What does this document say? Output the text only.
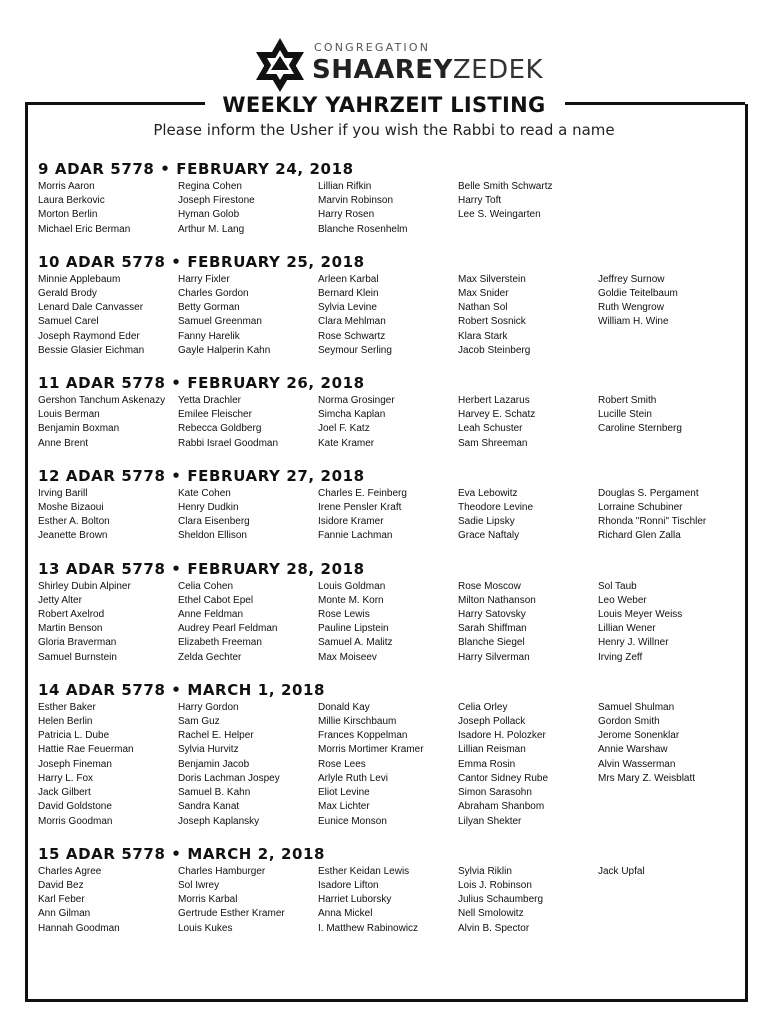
CONGREGATION
SHAAREYZEDEK
WEEKLY YAHRZEIT LISTING
Please inform the Usher if you wish the Rabbi to read a name
9 ADAR 5778 • FEBRUARY 24, 2018
Morris Aaron
Laura Berkovic
Morton Berlin
Michael Eric Berman
Regina Cohen
Joseph Firestone
Hyman Golob
Arthur M. Lang
Lillian Rifkin
Marvin Robinson
Harry Rosen
Blanche Rosenhelm
Belle Smith Schwartz
Harry Toft
Lee S. Weingarten
10 ADAR 5778 • FEBRUARY 25, 2018
Minnie Applebaum
Gerald Brody
Lenard Dale Canvasser
Samuel Carel
Joseph Raymond Eder
Bessie Glasier Eichman
Harry Fixler
Charles Gordon
Betty Gorman
Samuel Greenman
Fanny Harelik
Gayle Halperin Kahn
Arleen Karbal
Bernard Klein
Sylvia Levine
Clara Mehlman
Rose Schwartz
Seymour Serling
Max Silverstein
Max Snider
Nathan Sol
Robert Sosnick
Klara Stark
Jacob Steinberg
Jeffrey Surnow
Goldie Teitelbaum
Ruth Wengrow
William H. Wine
11 ADAR 5778 • FEBRUARY 26, 2018
Gershon Tanchum Askenazy
Louis Berman
Benjamin Boxman
Anne Brent
Yetta Drachler
Emilee Fleischer
Rebecca Goldberg
Rabbi Israel Goodman
Norma Grosinger
Simcha Kaplan
Joel F. Katz
Kate Kramer
Herbert Lazarus
Harvey E. Schatz
Leah Schuster
Sam Shreeman
Robert Smith
Lucille Stein
Caroline Sternberg
12 ADAR 5778 • FEBRUARY 27, 2018
Irving Barill
Moshe Bizaoui
Esther A. Bolton
Jeanette Brown
Kate Cohen
Henry Dudkin
Clara Eisenberg
Sheldon Ellison
Charles E. Feinberg
Irene Pensler Kraft
Isidore Kramer
Fannie Lachman
Eva Lebowitz
Theodore Levine
Sadie Lipsky
Grace Naftaly
Douglas S. Pergament
Lorraine Schubiner
Rhonda "Ronni" Tischler
Richard Glen Zalla
13 ADAR 5778 • FEBRUARY 28, 2018
Shirley Dubin Alpiner
Jetty Alter
Robert Axelrod
Martin Benson
Gloria Braverman
Samuel Burnstein
Celia Cohen
Ethel Cabot Epel
Anne Feldman
Audrey Pearl Feldman
Elizabeth Freeman
Zelda Gechter
Louis Goldman
Monte M. Korn
Rose Lewis
Pauline Lipstein
Samuel A. Malitz
Max Moiseev
Rose Moscow
Milton Nathanson
Harry Satovsky
Sarah Shiffman
Blanche Siegel
Harry Silverman
Sol Taub
Leo Weber
Louis Meyer Weiss
Lillian Wener
Henry J. Willner
Irving Zeff
14 ADAR 5778 • MARCH 1, 2018
Esther Baker
Helen Berlin
Patricia L. Dube
Hattie Rae Feuerman
Joseph Fineman
Harry L. Fox
Jack Gilbert
David Goldstone
Morris Goodman
Harry Gordon
Sam Guz
Rachel E. Helper
Sylvia Hurvitz
Benjamin Jacob
Doris Lachman Jospey
Samuel B. Kahn
Sandra Kanat
Joseph Kaplansky
Donald Kay
Millie Kirschbaum
Frances Koppelman
Morris Mortimer Kramer
Rose Lees
Arlyle Ruth Levi
Eliot Levine
Max Lichter
Eunice Monson
Celia Orley
Joseph Pollack
Isadore H. Polozker
Lillian Reisman
Emma Rosin
Cantor Sidney Rube
Simon Sarasohn
Abraham Shanbom
Lilyan Shekter
Samuel Shulman
Gordon Smith
Jerome Sonenklar
Annie Warshaw
Alvin Wasserman
Mrs Mary Z. Weisblatt
15 ADAR 5778 • MARCH 2, 2018
Charles Agree
David Bez
Karl Feber
Ann Gilman
Hannah Goodman
Charles Hamburger
Sol Iwrey
Morris Karbal
Gertrude Esther Kramer
Louis Kukes
Esther Keidan Lewis
Isadore Lifton
Harriet Luborsky
Anna Mickel
I. Matthew Rabinowicz
Sylvia Riklin
Lois J. Robinson
Julius Schaumberg
Nell Smolowitz
Alvin B. Spector
Jack Upfal
